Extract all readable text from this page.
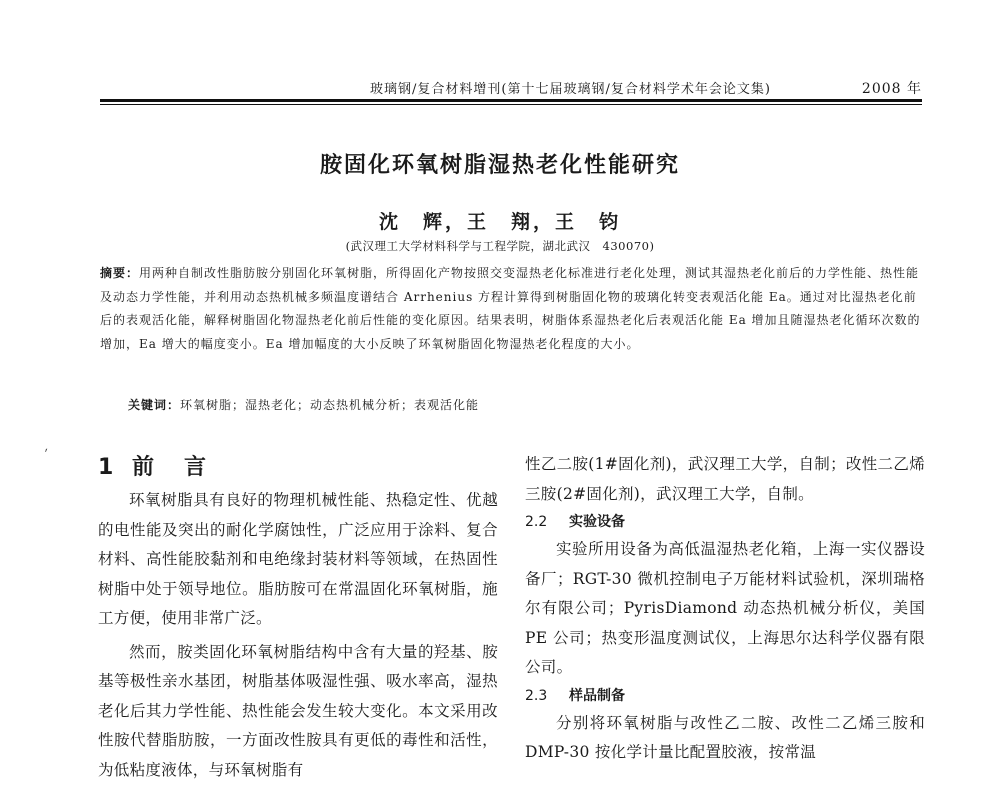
玻璃钢/复合材料增刊(第十七届玻璃钢/复合材料学术年会论文集)	2008 年
胺固化环氧树脂湿热老化性能研究
沈　辉，王　翔，王　钧
(武汉理工大学材料科学与工程学院，湖北武汉　430070)
摘要：用两种自制改性脂肪胺分别固化环氧树脂，所得固化产物按照交变湿热老化标准进行老化处理，测试其湿热老化前后的力学性能、热性能及动态力学性能，并利用动态热机械多频温度谱结合 Arrhenius 方程计算得到树脂固化物的玻璃化转变表观活化能 Ea。通过对比湿热老化前后的表观活化能，解释树脂固化物湿热老化前后性能的变化原因。结果表明，树脂体系湿热老化后表观活化能 Ea 增加且随湿热老化循环次数的增加，Ea 增大的幅度变小。Ea 增加幅度的大小反映了环氧树脂固化物湿热老化程度的大小。
关键词：环氧树脂；湿热老化；动态热机械分析；表观活化能
ˊ 1 前　言

环氧树脂具有良好的物理机械性能、热稳定性、优越的电性能及突出的耐化学腐蚀性，广泛应用于涂料、复合材料、高性能胶黏剂和电绝缘封装材料等领域，在热固性树脂中处于领导地位。脂肪胺可在常温固化环氧树脂，施工方便，使用非常广泛。

然而，胺类固化环氧树脂结构中含有大量的羟基、胺基等极性亲水基团，树脂基体吸湿性强、吸水率高，湿热老化后其力学性能、热性能会发生较大变化。本文采用改性胺代替脂肪胺，一方面改性胺具有更低的毒性和活性，为低粘度液体，与环氧树脂有

性乙二胺(1#固化剂)，武汉理工大学，自制；改性二乙烯三胺(2#固化剂)，武汉理工大学，自制。

2.2 实验设备

实验所用设备为高低温湿热老化箱，上海一实仪器设备厂；RGT-30 微机控制电子万能材料试验机，深圳瑞格尔有限公司；PyrisDiamond 动态热机械分析仪，美国 PE 公司；热变形温度测试仪，上海思尔达科学仪器有限公司。

2.3 样品制备

分别将环氧树脂与改性乙二胺、改性二乙烯三胺和 DMP-30 按化学计量比配置胶液，按常温
